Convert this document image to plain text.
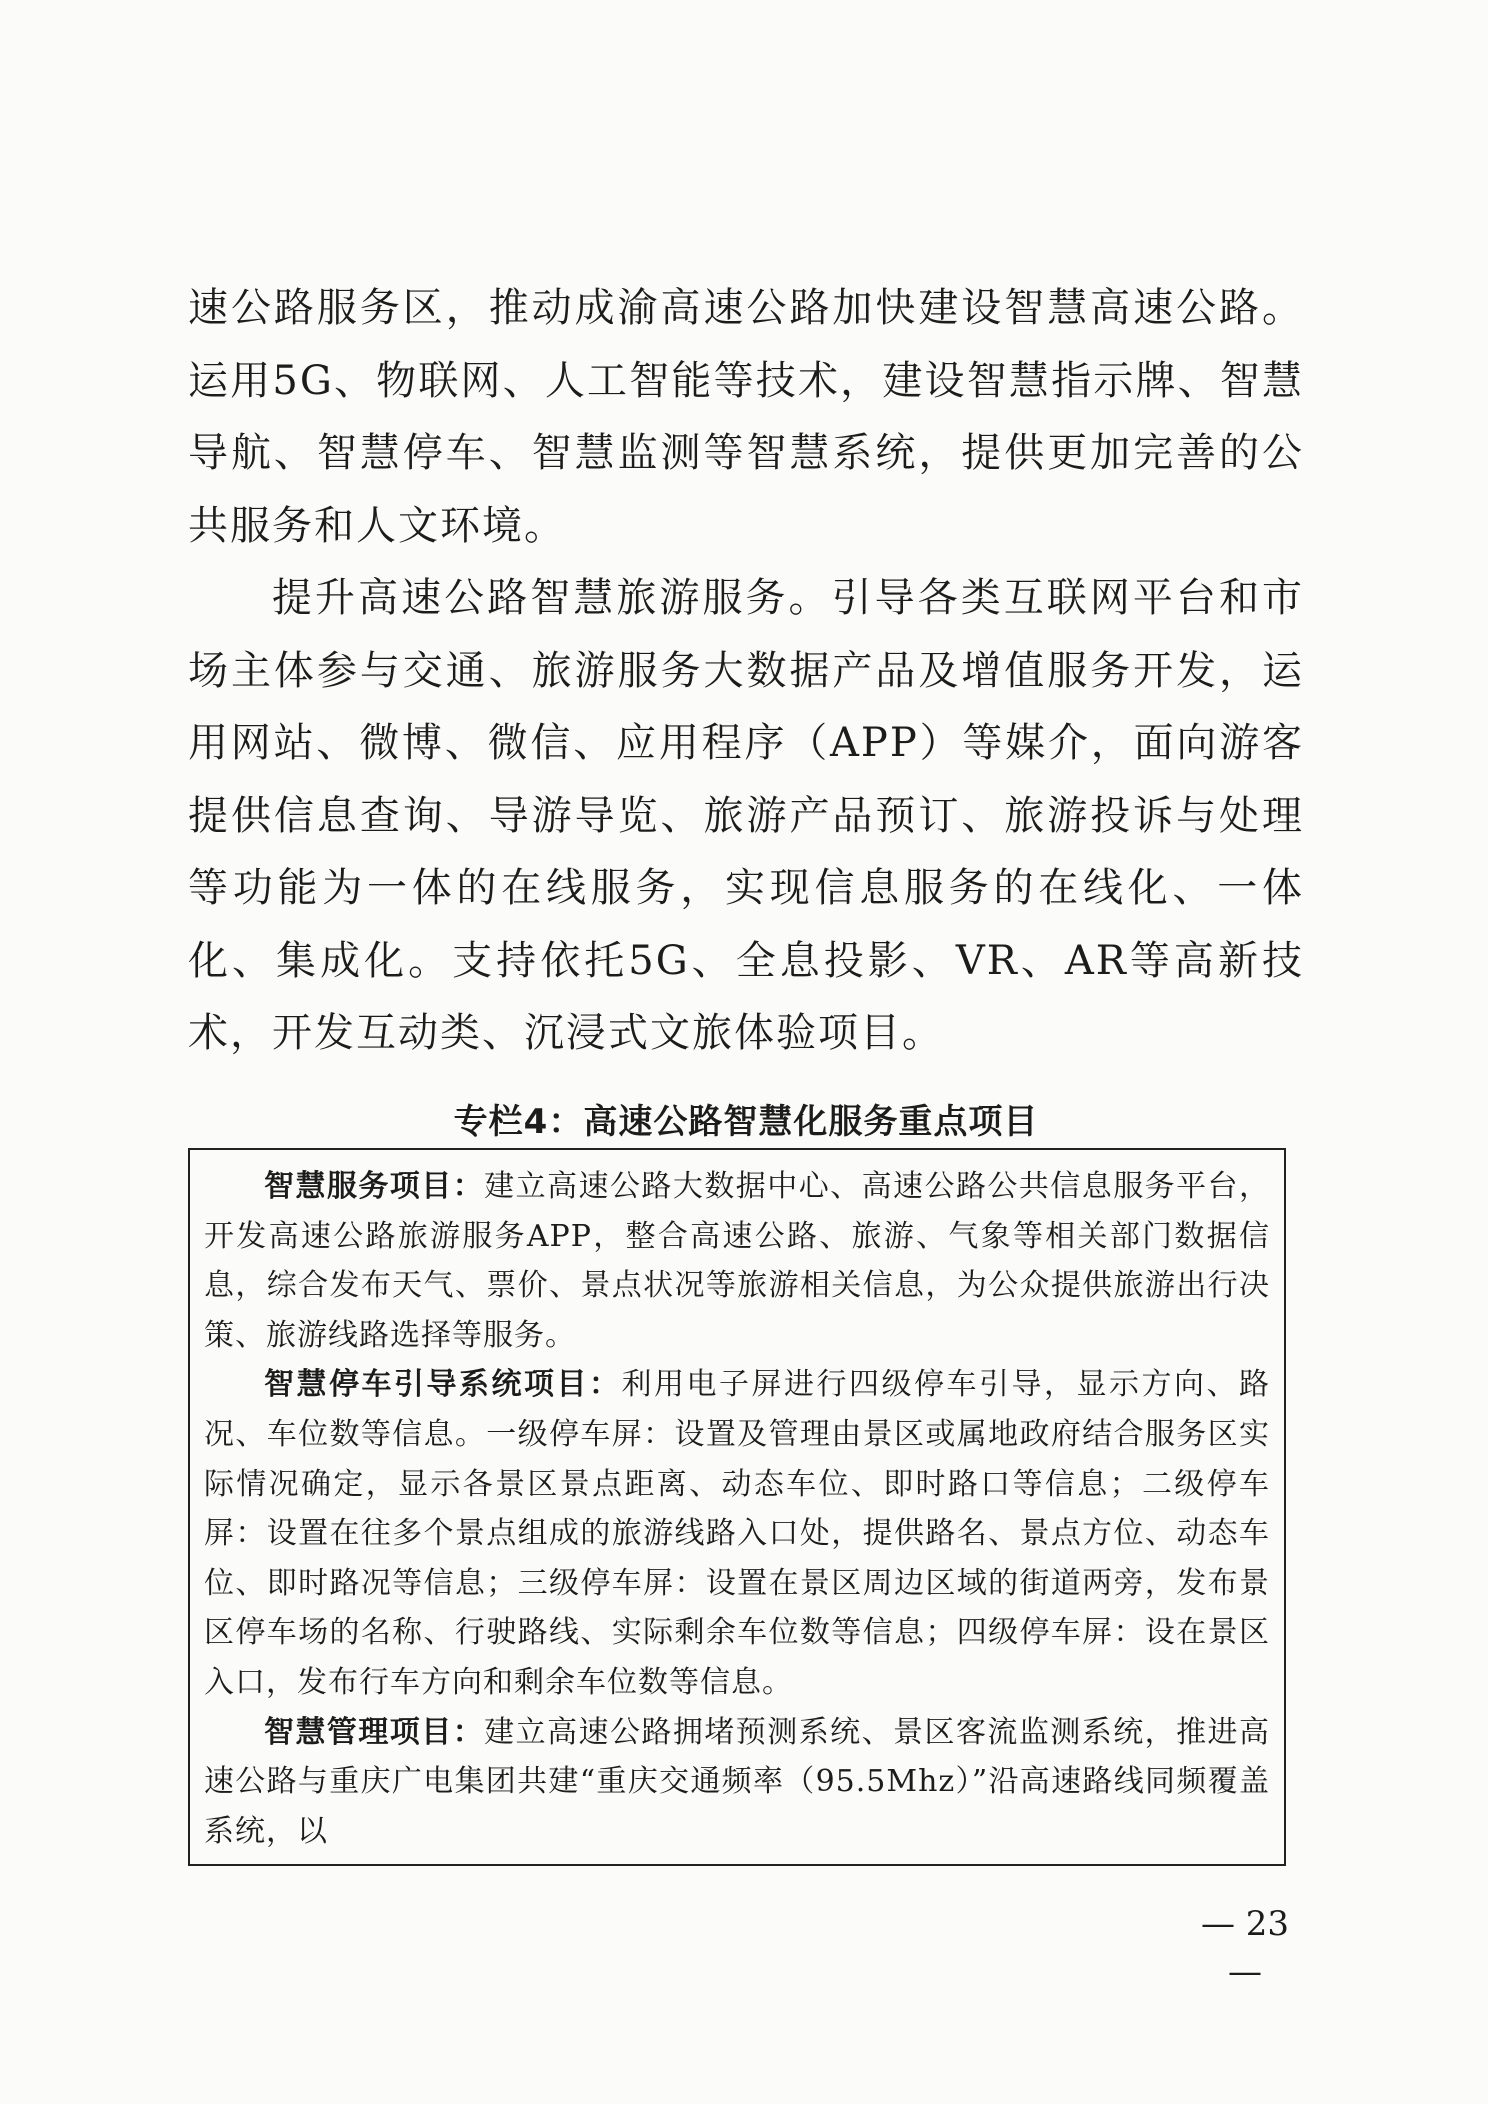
速公路服务区，推动成渝高速公路加快建设智慧高速公路。运用5G、物联网、人工智能等技术，建设智慧指示牌、智慧导航、智慧停车、智慧监测等智慧系统，提供更加完善的公共服务和人文环境。

提升高速公路智慧旅游服务。引导各类互联网平台和市场主体参与交通、旅游服务大数据产品及增值服务开发，运用网站、微博、微信、应用程序（APP）等媒介，面向游客提供信息查询、导游导览、旅游产品预订、旅游投诉与处理等功能为一体的在线服务，实现信息服务的在线化、一体化、集成化。支持依托5G、全息投影、VR、AR等高新技术，开发互动类、沉浸式文旅体验项目。

专栏4：高速公路智慧化服务重点项目

智慧服务项目：建立高速公路大数据中心、高速公路公共信息服务平台，开发高速公路旅游服务APP，整合高速公路、旅游、气象等相关部门数据信息，综合发布天气、票价、景点状况等旅游相关信息，为公众提供旅游出行决策、旅游线路选择等服务。

智慧停车引导系统项目：利用电子屏进行四级停车引导，显示方向、路况、车位数等信息。一级停车屏：设置及管理由景区或属地政府结合服务区实际情况确定，显示各景区景点距离、动态车位、即时路口等信息；二级停车屏：设置在往多个景点组成的旅游线路入口处，提供路名、景点方位、动态车位、即时路况等信息；三级停车屏：设置在景区周边区域的街道两旁，发布景区停车场的名称、行驶路线、实际剩余车位数等信息；四级停车屏：设在景区入口，发布行车方向和剩余车位数等信息。

智慧管理项目：建立高速公路拥堵预测系统、景区客流监测系统，推进高速公路与重庆广电集团共建“重庆交通频率（95.5Mhz）”沿高速路线同频覆盖系统，以

— 23 —
